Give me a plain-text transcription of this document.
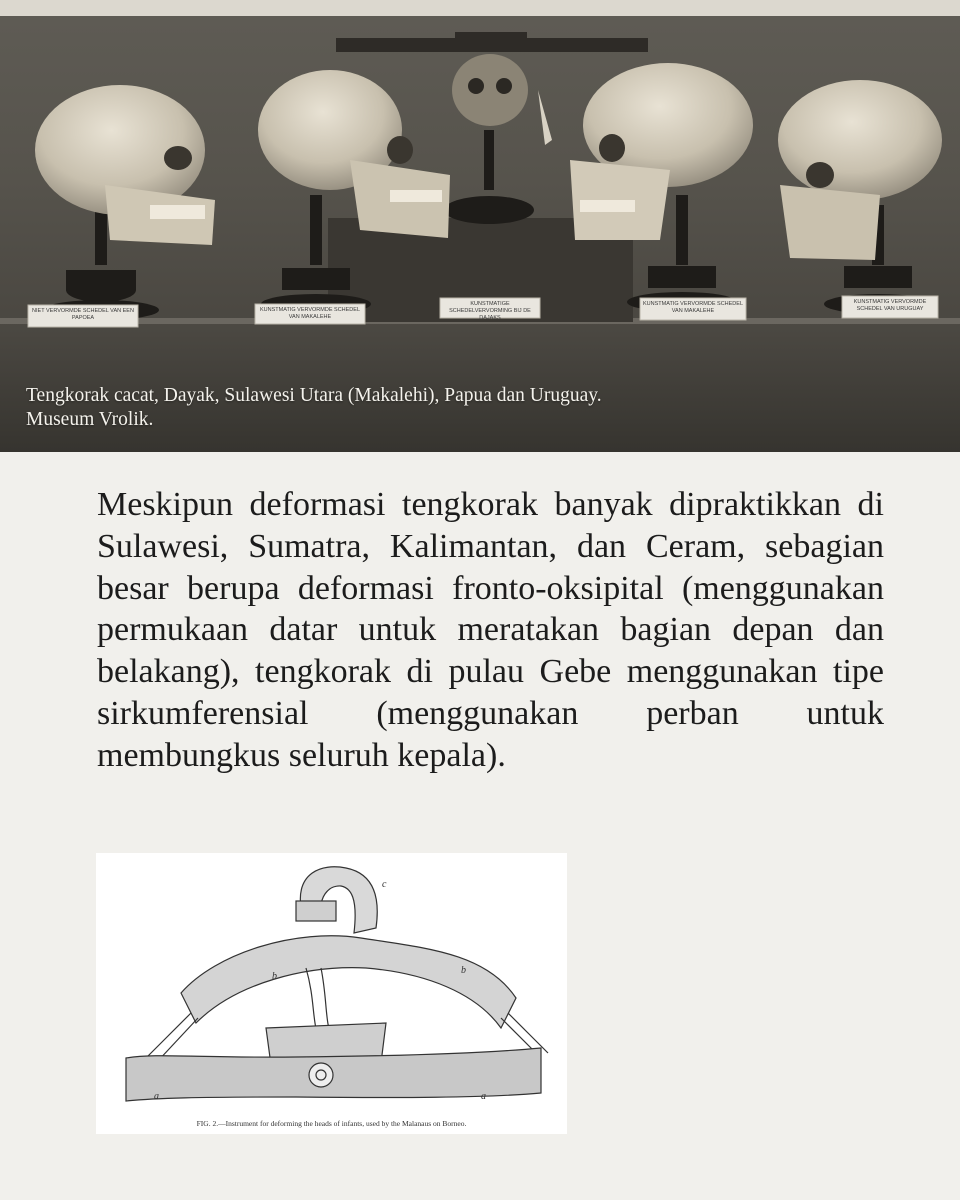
NIET VERVORMDE SCHEDEL VAN EEN PAPOEA
KUNSTMATIG VERVORMDE SCHEDEL VAN MAKALEHE
KUNSTMATIGE SCHEDELVERVORMING BIJ DE DAJAKS
KUNSTMATIG VERVORMDE SCHEDEL VAN MAKALEHE
KUNSTMATIG VERVORMDE SCHEDEL VAN URUGUAY
Tengkorak cacat, Dayak, Sulawesi Utara (Makalehi), Papua dan Uruguay.
Museum Vrolik.
Meskipun deformasi tengkorak banyak dipraktikkan di Sulawesi, Sumatra, Kalimantan, dan Ceram, sebagian besar berupa deformasi fronto-oksipital (menggunakan permukaan datar untuk meratakan bagian depan dan belakang), tengkorak di pulau Gebe menggunakan tipe sirkumferensial (menggunakan perban untuk membungkus seluruh kepala).
c
b
b
a	a
FIG. 2.—Instrument for deforming the heads of infants, used by the Malanaus on Borneo.
